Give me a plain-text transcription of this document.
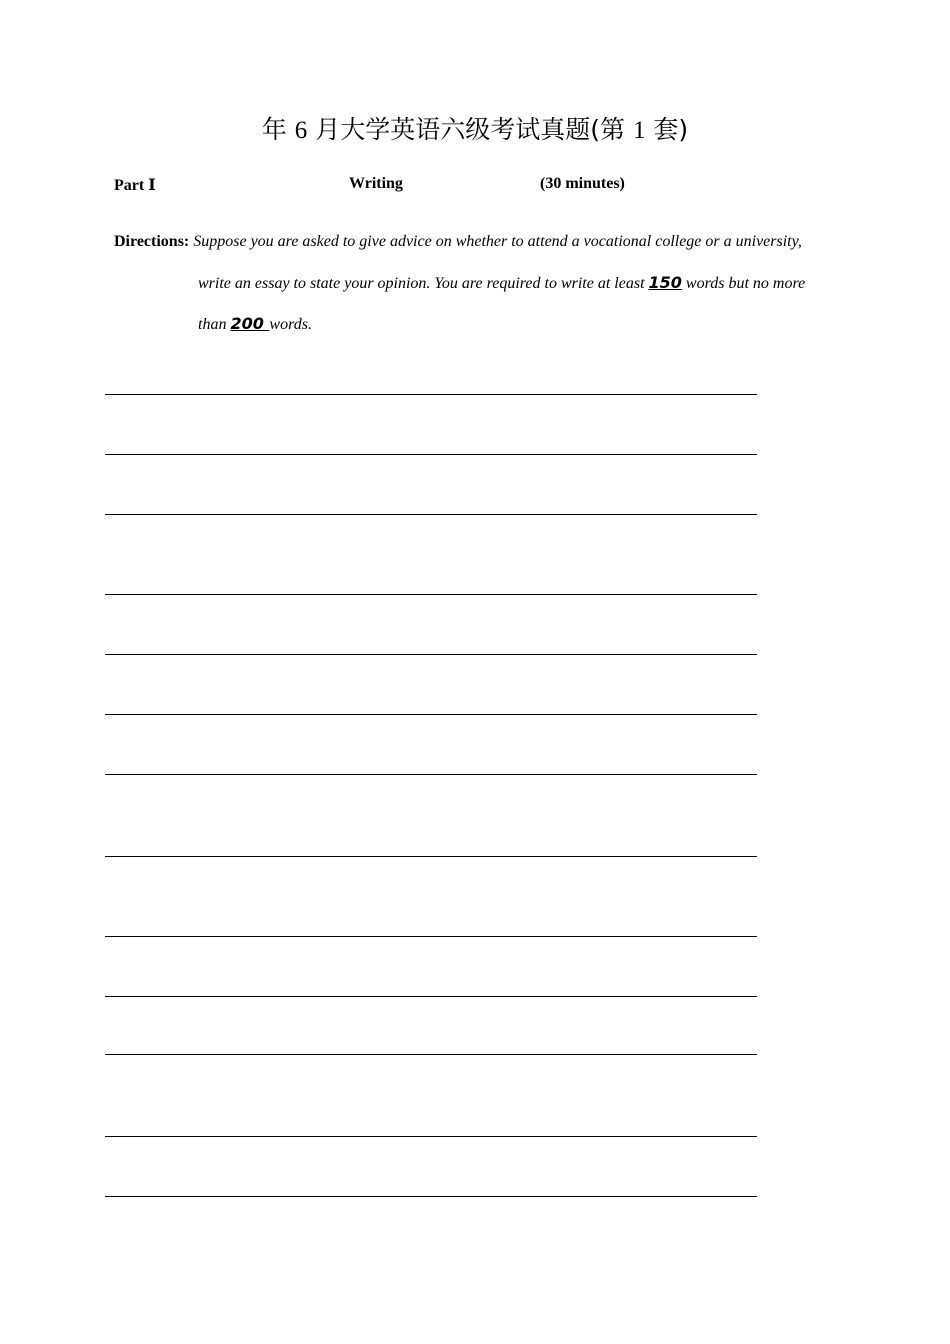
年 6 月大学英语六级考试真题(第 1 套)
Part Ⅰ	Writing	(30 minutes)
Directions: Suppose you are asked to give advice on whether to attend a vocational college or a university,
write an essay to state your opinion. You are required to write at least 150 words but no more
than 200 words.
